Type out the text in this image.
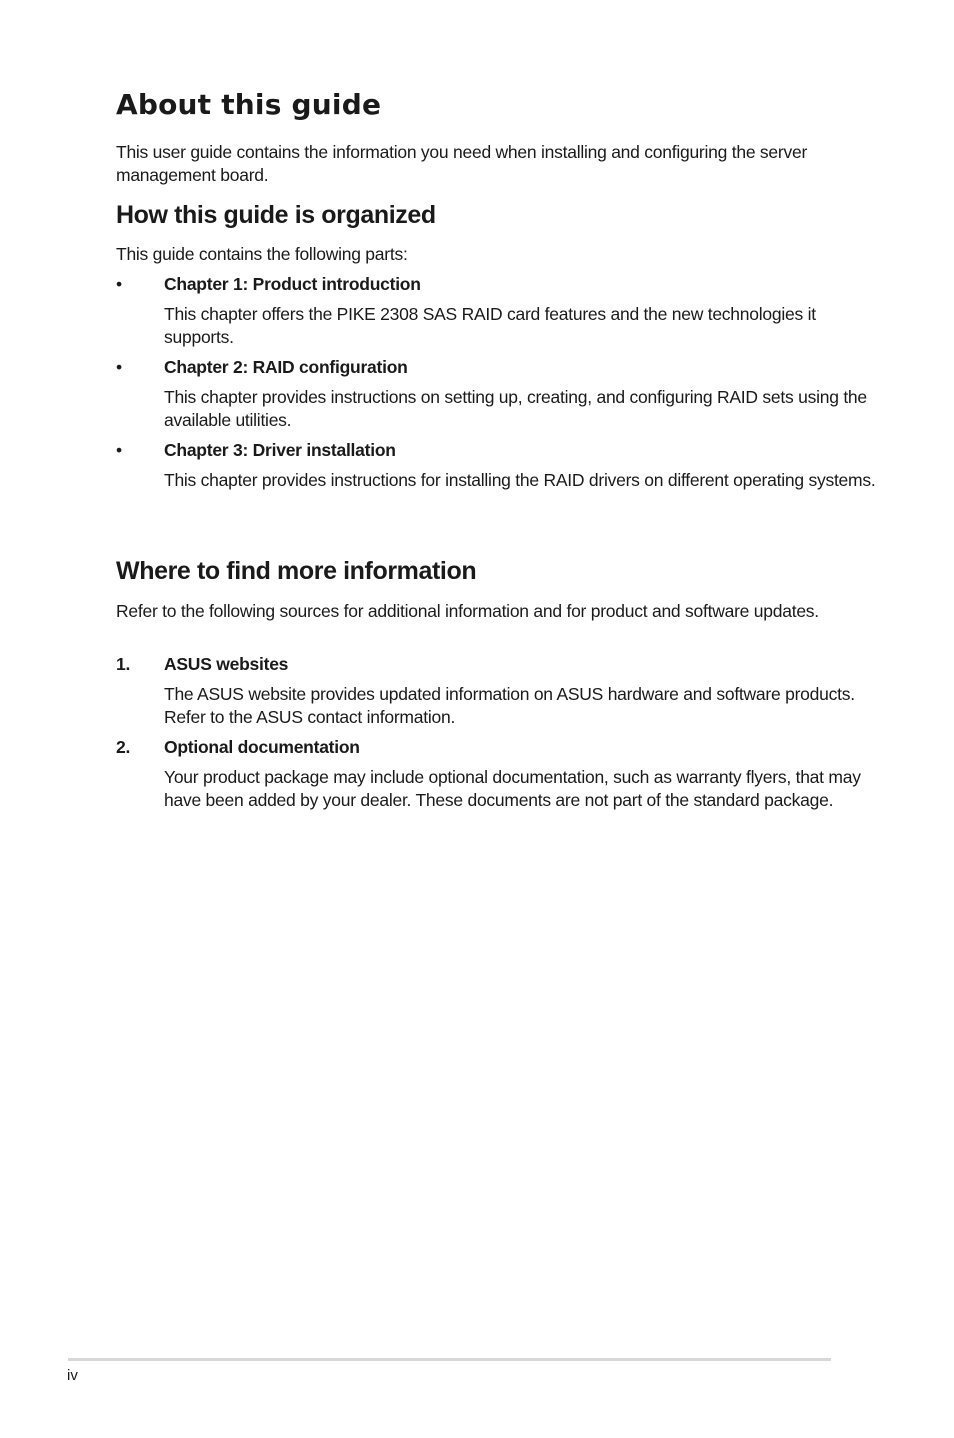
About this guide

This user guide contains the information you need when installing and configuring the server management board.

How this guide is organized

This guide contains the following parts:

•	Chapter 1: Product introduction

This chapter offers the PIKE 2308 SAS RAID card features and the new technologies it supports.

•	Chapter 2: RAID configuration

This chapter provides instructions on setting up, creating, and configuring RAID sets using the available utilities.

•	Chapter 3: Driver installation

This chapter provides instructions for installing the RAID drivers on different operating systems.

Where to find more information

Refer to the following sources for additional information and for product and software updates.

1.	ASUS websites

The ASUS website provides updated information on ASUS hardware and software products. Refer to the ASUS contact information.

2.	Optional documentation

Your product package may include optional documentation, such as warranty flyers, that may have been added by your dealer. These documents are not part of the standard package.

iv
